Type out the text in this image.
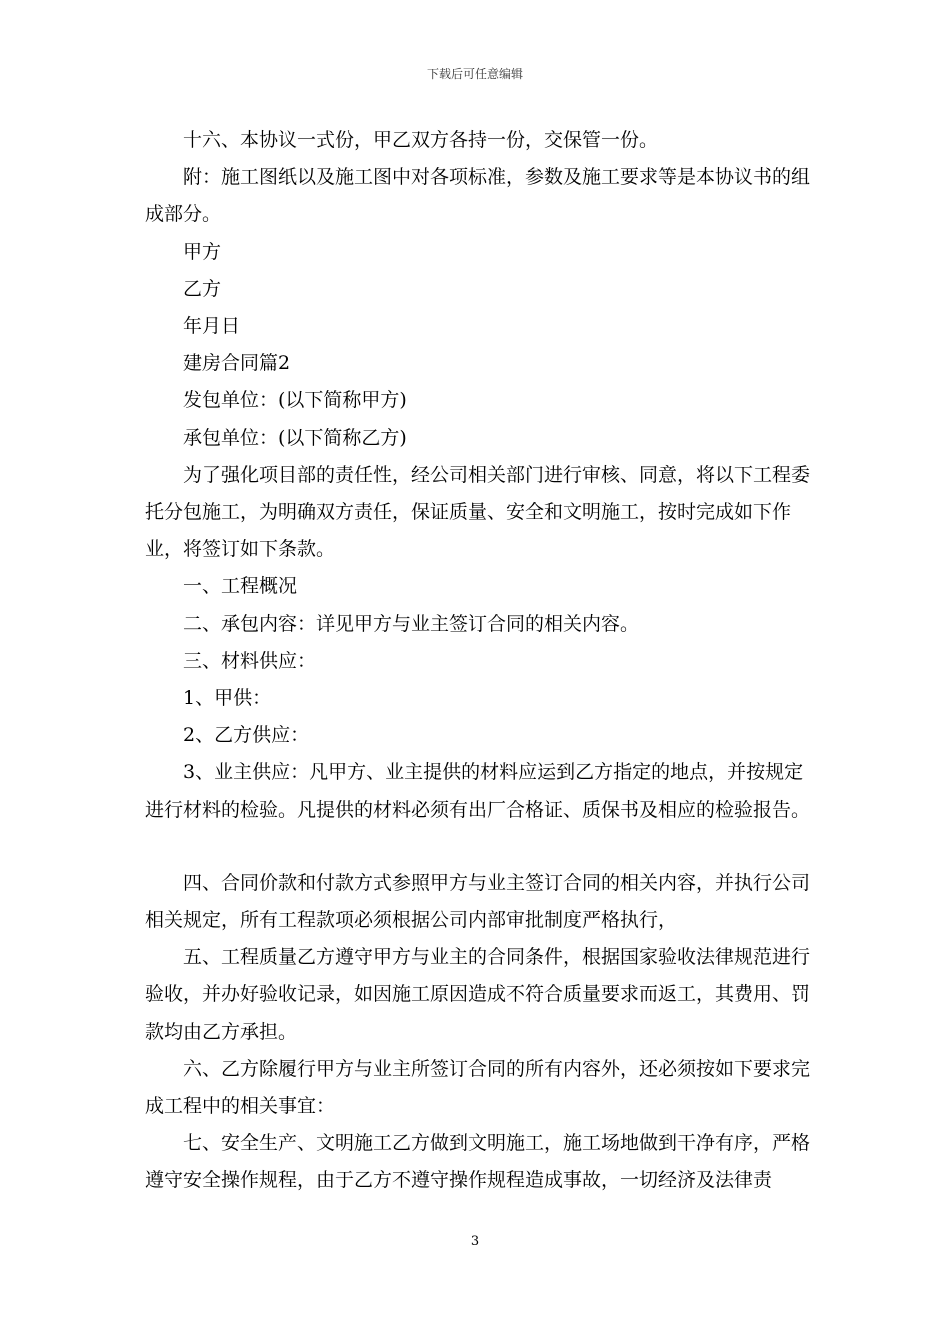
下载后可任意编辑

十六、本协议一式份，甲乙双方各持一份，交保管一份。

附：施工图纸以及施工图中对各项标准，参数及施工要求等是本协议书的组成部分。

甲方

乙方

年月日

建房合同篇2

发包单位：(以下简称甲方)

承包单位：(以下简称乙方)

为了强化项目部的责任性，经公司相关部门进行审核、同意，将以下工程委托分包施工，为明确双方责任，保证质量、安全和文明施工，按时完成如下作业，将签订如下条款。

一、工程概况

二、承包内容：详见甲方与业主签订合同的相关内容。

三、材料供应：

1、甲供：

2、乙方供应：

3、业主供应：凡甲方、业主提供的材料应运到乙方指定的地点，并按规定进行材料的检验。凡提供的材料必须有出厂合格证、质保书及相应的检验报告。

四、合同价款和付款方式参照甲方与业主签订合同的相关内容，并执行公司相关规定，所有工程款项必须根据公司内部审批制度严格执行，

五、工程质量乙方遵守甲方与业主的合同条件，根据国家验收法律规范进行验收，并办好验收记录，如因施工原因造成不符合质量要求而返工，其费用、罚款均由乙方承担。

六、乙方除履行甲方与业主所签订合同的所有内容外，还必须按如下要求完成工程中的相关事宜：

七、安全生产、文明施工乙方做到文明施工，施工场地做到干净有序，严格遵守安全操作规程，由于乙方不遵守操作规程造成事故，一切经济及法律责

3
